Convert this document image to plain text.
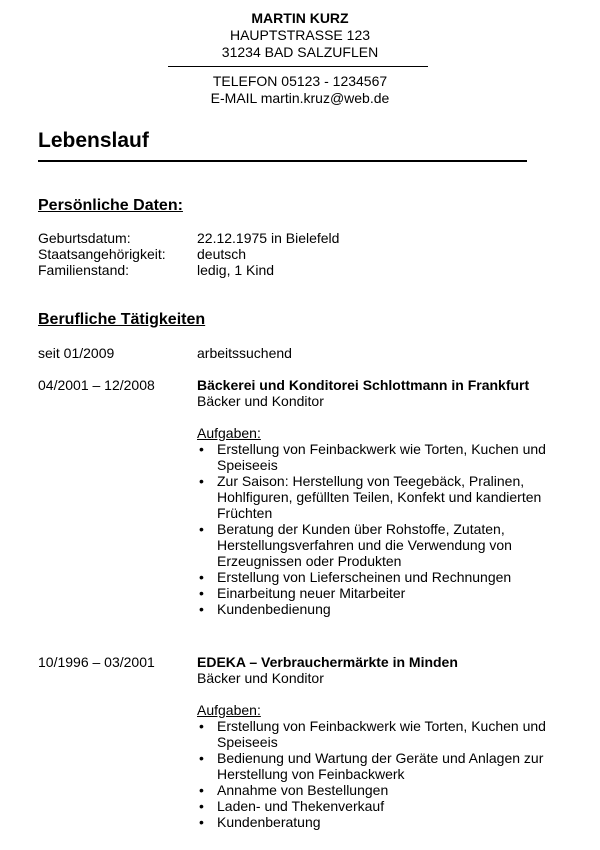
MARTIN KURZ
HAUPTSTRASSE 123
31234 BAD SALZUFLEN
TELEFON 05123 - 1234567
E-MAIL martin.kruz@web.de
Lebenslauf
Persönliche Daten:
Geburtsdatum:	22.12.1975 in Bielefeld
Staatsangehörigkeit: deutsch
Familienstand:	ledig, 1 Kind
Berufliche Tätigkeiten
seit 01/2009	arbeitssuchend
04/2001 – 12/2008	Bäckerei und Konditorei Schlottmann in Frankfurt
Bäcker und Konditor
Aufgaben:
• Erstellung von Feinbackwerk wie Torten, Kuchen und Speiseeis
• Zur Saison: Herstellung von Teegebäck, Pralinen, Hohlfiguren, gefüllten Teilen, Konfekt und kandierten Früchten
• Beratung der Kunden über Rohstoffe, Zutaten, Herstellungsverfahren und die Verwendung von Erzeugnissen oder Produkten
• Erstellung von Lieferscheinen und Rechnungen
• Einarbeitung neuer Mitarbeiter
• Kundenbedienung
10/1996 – 03/2001	EDEKA – Verbrauchermärkte in Minden
Bäcker und Konditor
Aufgaben:
• Erstellung von Feinbackwerk wie Torten, Kuchen und Speiseeis
• Bedienung und Wartung der Geräte und Anlagen zur Herstellung von Feinbackwerk
• Annahme von Bestellungen
• Laden- und Thekenverkauf
• Kundenberatung
